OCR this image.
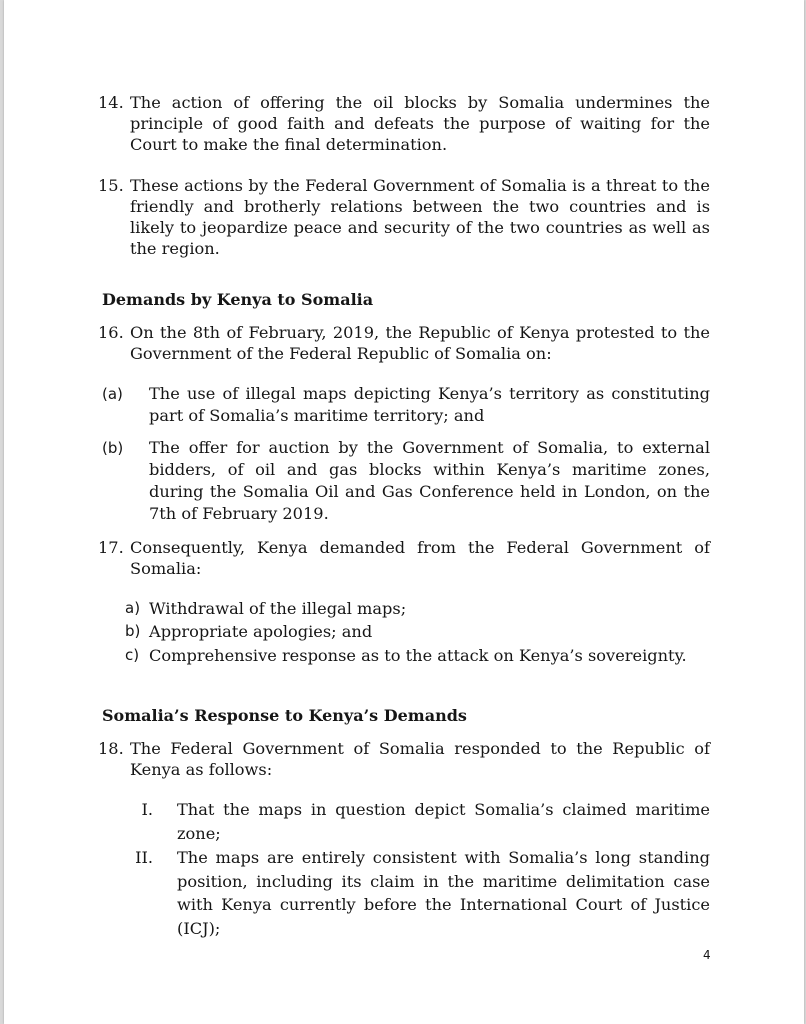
14. The action of offering the oil blocks by Somalia undermines the principle of good faith and defeats the purpose of waiting for the Court to make the final determination.
15. These actions by the Federal Government of Somalia is a threat to the friendly and brotherly relations between the two countries and is likely to jeopardize peace and security of the two countries as well as the region.
Demands by Kenya to Somalia
16. On the 8th of February, 2019, the Republic of Kenya protested to the Government of the Federal Republic of Somalia on:
(a) The use of illegal maps depicting Kenya’s territory as constituting part of Somalia’s maritime territory; and
(b) The offer for auction by the Government of Somalia, to external bidders, of oil and gas blocks within Kenya’s maritime zones, during the Somalia Oil and Gas Conference held in London, on the 7th of February 2019.
17. Consequently, Kenya demanded from the Federal Government of Somalia:
a) Withdrawal of the illegal maps;
b) Appropriate apologies; and
c) Comprehensive response as to the attack on Kenya’s sovereignty.
Somalia’s Response to Kenya’s Demands
18. The Federal Government of Somalia responded to the Republic of Kenya as follows:
I. That the maps in question depict Somalia’s claimed maritime zone;
II. The maps are entirely consistent with Somalia’s long standing position, including its claim in the maritime delimitation case with Kenya currently before the International Court of Justice (ICJ);
4
